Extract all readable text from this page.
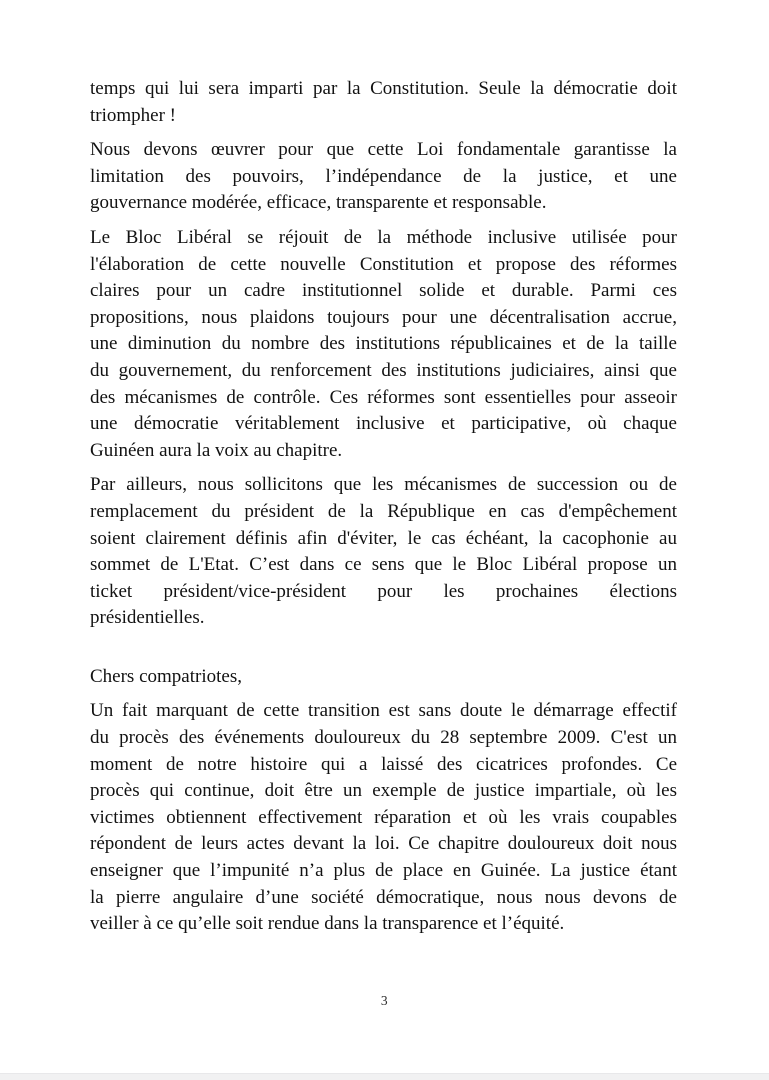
temps qui lui sera imparti par la Constitution. Seule la démocratie doit
triompher !
Nous devons œuvrer pour que cette Loi fondamentale garantisse la
limitation des pouvoirs, l’indépendance de la justice, et une
gouvernance modérée, efficace, transparente et responsable.
Le Bloc Libéral se réjouit de la méthode inclusive utilisée pour
l'élaboration de cette nouvelle Constitution et propose des réformes
claires pour un cadre institutionnel solide et durable. Parmi ces
propositions, nous plaidons toujours pour une décentralisation accrue,
une diminution du nombre des institutions républicaines et de la taille
du gouvernement, du renforcement des institutions judiciaires, ainsi que
des mécanismes de contrôle. Ces réformes sont essentielles pour asseoir
une démocratie véritablement inclusive et participative, où chaque
Guinéen aura la voix au chapitre.
Par ailleurs, nous sollicitons que les mécanismes de succession ou de
remplacement du président de la République en cas d'empêchement
soient clairement définis afin d'éviter, le cas échéant, la cacophonie au
sommet de L'Etat. C’est dans ce sens que le Bloc Libéral propose un
ticket président/vice-président pour les prochaines élections
présidentielles.
Chers compatriotes,
Un fait marquant de cette transition est sans doute le démarrage effectif
du procès des événements douloureux du 28 septembre 2009. C'est un
moment de notre histoire qui a laissé des cicatrices profondes. Ce
procès qui continue, doit être un exemple de justice impartiale, où les
victimes obtiennent effectivement réparation et où les vrais coupables
répondent de leurs actes devant la loi. Ce chapitre douloureux doit nous
enseigner que l’impunité n’a plus de place en Guinée. La justice étant
la pierre angulaire d’une société démocratique, nous nous devons de
veiller à ce qu’elle soit rendue dans la transparence et l’équité.
3
